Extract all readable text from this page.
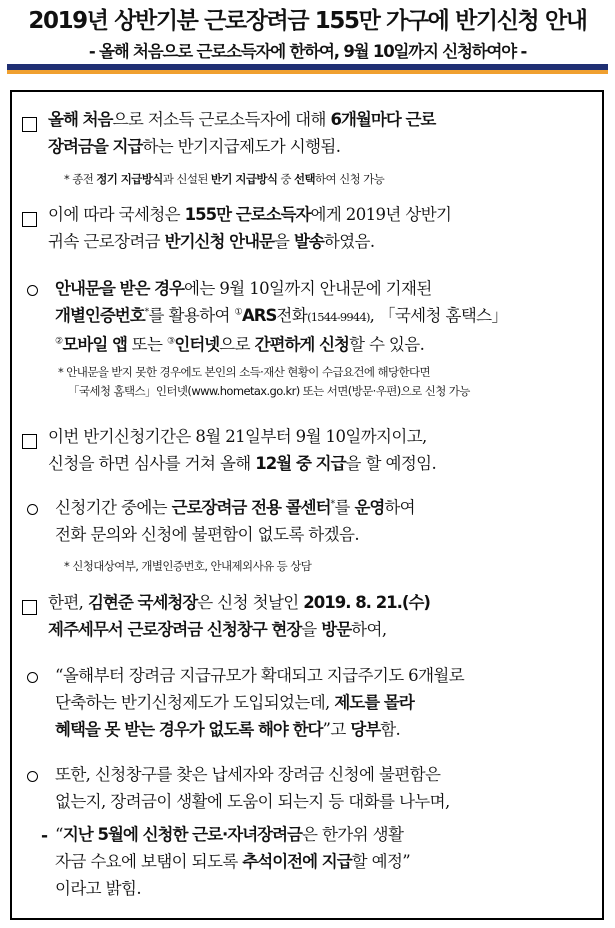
2019년 상반기분 근로장려금 155만 가구에 반기신청 안내
- 올해 처음으로 근로소득자에 한하여, 9월 10일까지 신청하여야 -
올해 처음으로 저소득 근로소득자에 대해 6개월마다 근로
장려금을 지급하는 반기지급제도가 시행됨.
* 종전 정기 지급방식과 신설된 반기 지급방식 중 선택하여 신청 가능
이에 따라 국세청은 155만 근로소득자에게 2019년 상반기
귀속 근로장려금 반기신청 안내문을 발송하였음.
안내문을 받은 경우에는 9월 10일까지 안내문에 기재된
개별인증번호*를 활용하여 ①ARS전화(1544-9944), 「국세청 홈택스」
②모바일 앱 또는 ③인터넷으로 간편하게 신청할 수 있음.
* 안내문을 받지 못한 경우에도 본인의 소득·재산 현황이 수급요건에 해당한다면
「국세청 홈택스」인터넷(www.hometax.go.kr) 또는 서면(방문·우편)으로 신청 가능
이번 반기신청기간은 8월 21일부터 9월 10일까지이고,
신청을 하면 심사를 거쳐 올해 12월 중 지급을 할 예정임.
신청기간 중에는 근로장려금 전용 콜센터*를 운영하여
전화 문의와 신청에 불편함이 없도록 하겠음.
* 신청대상여부, 개별인증번호, 안내제외사유 등 상담
한편, 김현준 국세청장은 신청 첫날인 2019. 8. 21.(수)
제주세무서 근로장려금 신청창구 현장을 방문하여,
“올해부터 장려금 지급규모가 확대되고 지급주기도 6개월로
단축하는 반기신청제도가 도입되었는데, 제도를 몰라
혜택을 못 받는 경우가 없도록 해야 한다”고 당부함.
또한, 신청창구를 찾은 납세자와 장려금 신청에 불편함은
없는지, 장려금이 생활에 도움이 되는지 등 대화를 나누며,
- “지난 5월에 신청한 근로·자녀장려금은 한가위 생활
자금 수요에 보탬이 되도록 추석이전에 지급할 예정”
이라고 밝힘.
